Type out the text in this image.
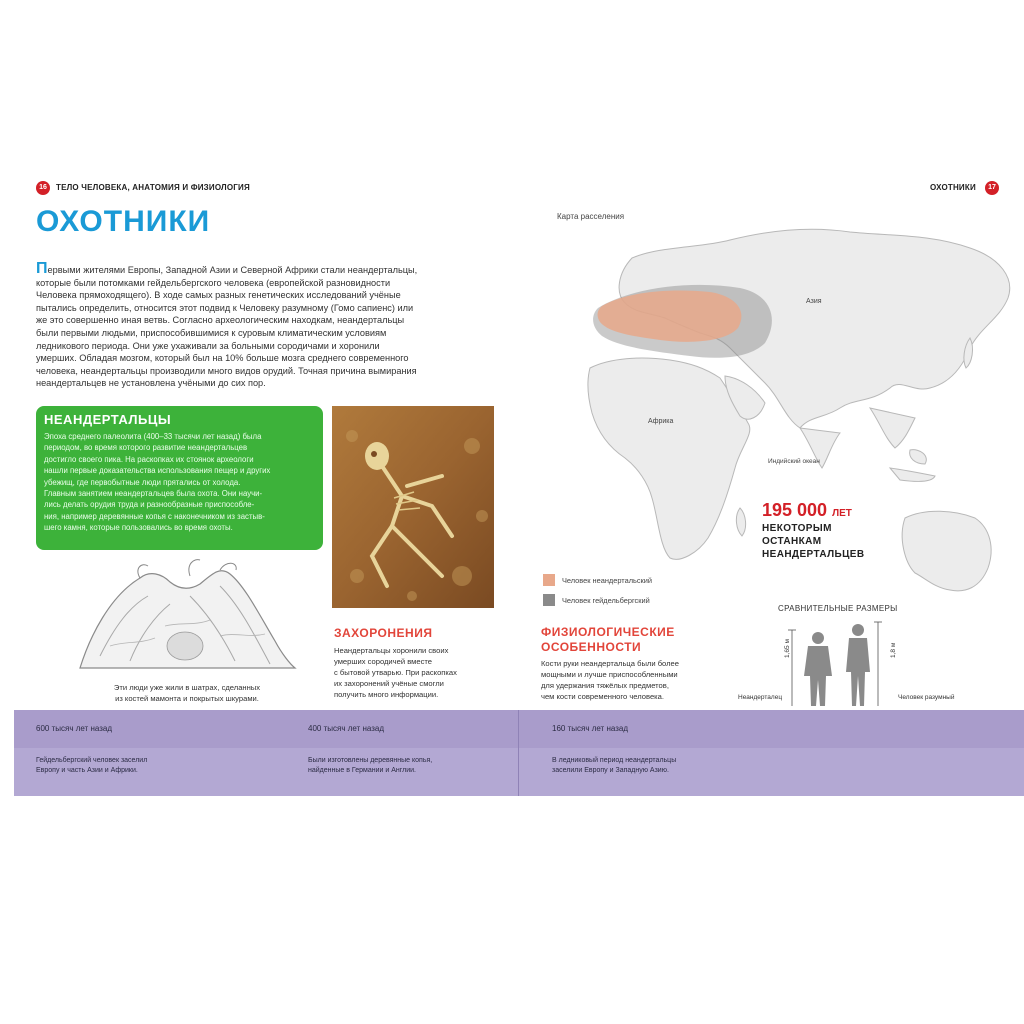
16	ТЕЛО ЧЕЛОВЕКА, АНАТОМИЯ И ФИЗИОЛОГИЯ	ОХОТНИКИ	17
ОХОТНИКИ
Первыми жителями Европы, Западной Азии и Северной Африки стали неандертальцы,
которые были потомками гейдельбергского человека (европейской разновидности
Человека прямоходящего). В ходе самых разных генетических исследований учёные
пытались определить, относится этот подвид к Человеку разумному (Гомо сапиенс) или
же это совершенно иная ветвь. Согласно археологическим находкам, неандертальцы
были первыми людьми, приспособившимися к суровым климатическим условиям
ледникового периода. Они уже ухаживали за больными сородичами и хоронили
умерших. Обладая мозгом, который был на 10% больше мозга среднего современного
человека, неандертальцы производили много видов орудий. Точная причина вымирания
неандертальцев не установлена учёными до сих пор.
НЕАНДЕРТАЛЬЦЫ

Эпоха среднего палеолита (400–33 тысячи лет назад) была

периодом, во время которого развитие неандертальцев

достигло своего пика. На раскопках их стоянок археологи

нашли первые доказательства использования пещер и других

убежищ, где первобытные люди прятались от холода.

Главным занятием неандертальцев была охота. Они научи-

лись делать орудия труда и разнообразные приспособле-

ния, например деревянные копья с наконечником из застыв-

шего камня, которые пользовались во время охоты.

Эти люди уже жили в шатрах, сделанных
из костей мамонта и покрытых шкурами.
ЗАХОРОНЕНИЯ
Неандертальцы хоронили своих
умерших сородичей вместе
с бытовой утварью. При раскопках
их захоронений учёные смогли
получить много информации.
Карта расселения
Азия
Африка
Индийский океан
195 000 ЛЕТ
НЕКОТОРЫМ
ОСТАНКАМ
НЕАНДЕРТАЛЬЦЕВ
Человек неандертальский
Человек гейдельбергский
ФИЗИОЛОГИЧЕСКИЕ
ОСОБЕННОСТИ
Кости руки неандертальца были более
мощными и лучше приспособленными
для удержания тяжёлых предметов,
чем кости современного человека.
СРАВНИТЕЛЬНЫЕ РАЗМЕРЫ
1,65 м	1,8 м
Неандерталец	Человек разумный
600 тысяч лет назад
Гейдельбергский человек заселил
Европу и часть Азии и Африки.
400 тысяч лет назад
Были изготовлены деревянные копья,
найденные в Германии и Англии.
160 тысяч лет назад
В ледниковый период неандертальцы
заселили Европу и Западную Азию.
